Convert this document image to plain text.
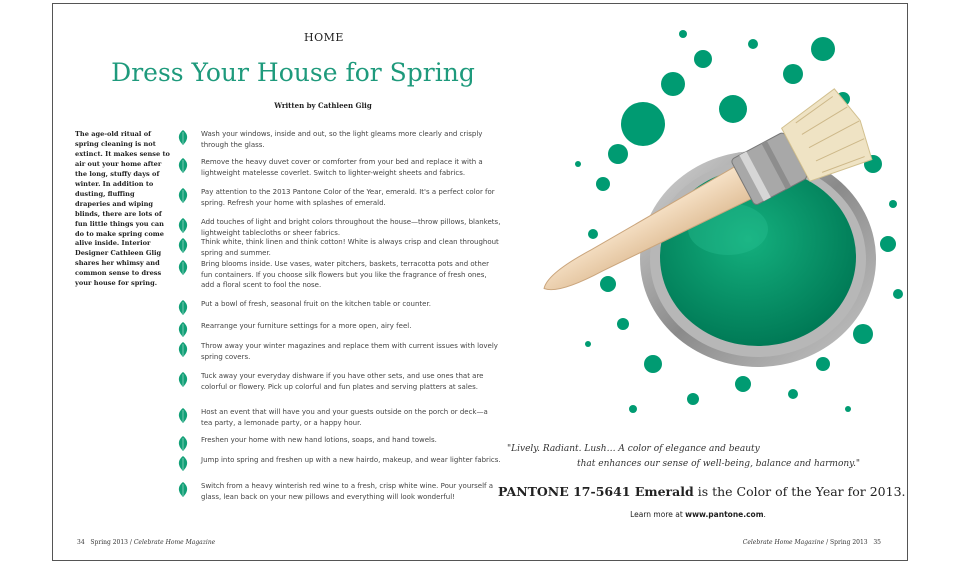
HOME
Dress Your House for Spring
Written by Cathleen Glig
The age-old ritual of spring cleaning is not extinct. It makes sense to air out your home after the long, stuffy days of winter. In addition to dusting, fluffing draperies and wiping blinds, there are lots of fun little things you can do to make spring come alive inside. Interior Designer Cathleen Glig shares her whimsy and common sense to dress your house for spring.
Wash your windows, inside and out, so the light gleams more clearly and crisply through the glass.
Remove the heavy duvet cover or comforter from your bed and replace it with a lightweight matelesse coverlet. Switch to lighter-weight sheets and fabrics.
Pay attention to the 2013 Pantone Color of the Year, emerald. It's a perfect color for spring. Refresh your home with splashes of emerald.
Add touches of light and bright colors throughout the house—throw pillows, blankets, lightweight tablecloths or sheer fabrics.
Think white, think linen and think cotton! White is always crisp and clean throughout spring and summer.
Bring blooms inside. Use vases, water pitchers, baskets, terracotta pots and other fun containers. If you choose silk flowers but you like the fragrance of fresh ones, add a floral scent to fool the nose.
Put a bowl of fresh, seasonal fruit on the kitchen table or counter.
Rearrange your furniture settings for a more open, airy feel.
Throw away your winter magazines and replace them with current issues with lovely spring covers.
Tuck away your everyday dishware if you have other sets, and use ones that are colorful or flowery. Pick up colorful and fun plates and serving platters at sales.
Host an event that will have you and your guests outside on the porch or deck—a tea party, a lemonade party, or a happy hour.
Freshen your home with new hand lotions, soaps, and hand towels.
Jump into spring and freshen up with a new hairdo, makeup, and wear lighter fabrics.
Switch from a heavy winterish red wine to a fresh, crisp white wine. Pour yourself a glass, lean back on your new pillows and everything will look wonderful!
34 Spring 2013 / Celebrate Home Magazine	Celebrate Home Magazine / Spring 2013 35
"Lively. Radiant. Lush… A color of elegance and beauty
that enhances our sense of well-being, balance and harmony."
PANTONE 17-5641 Emerald is the Color of the Year for 2013.
Learn more at www.pantone.com.
